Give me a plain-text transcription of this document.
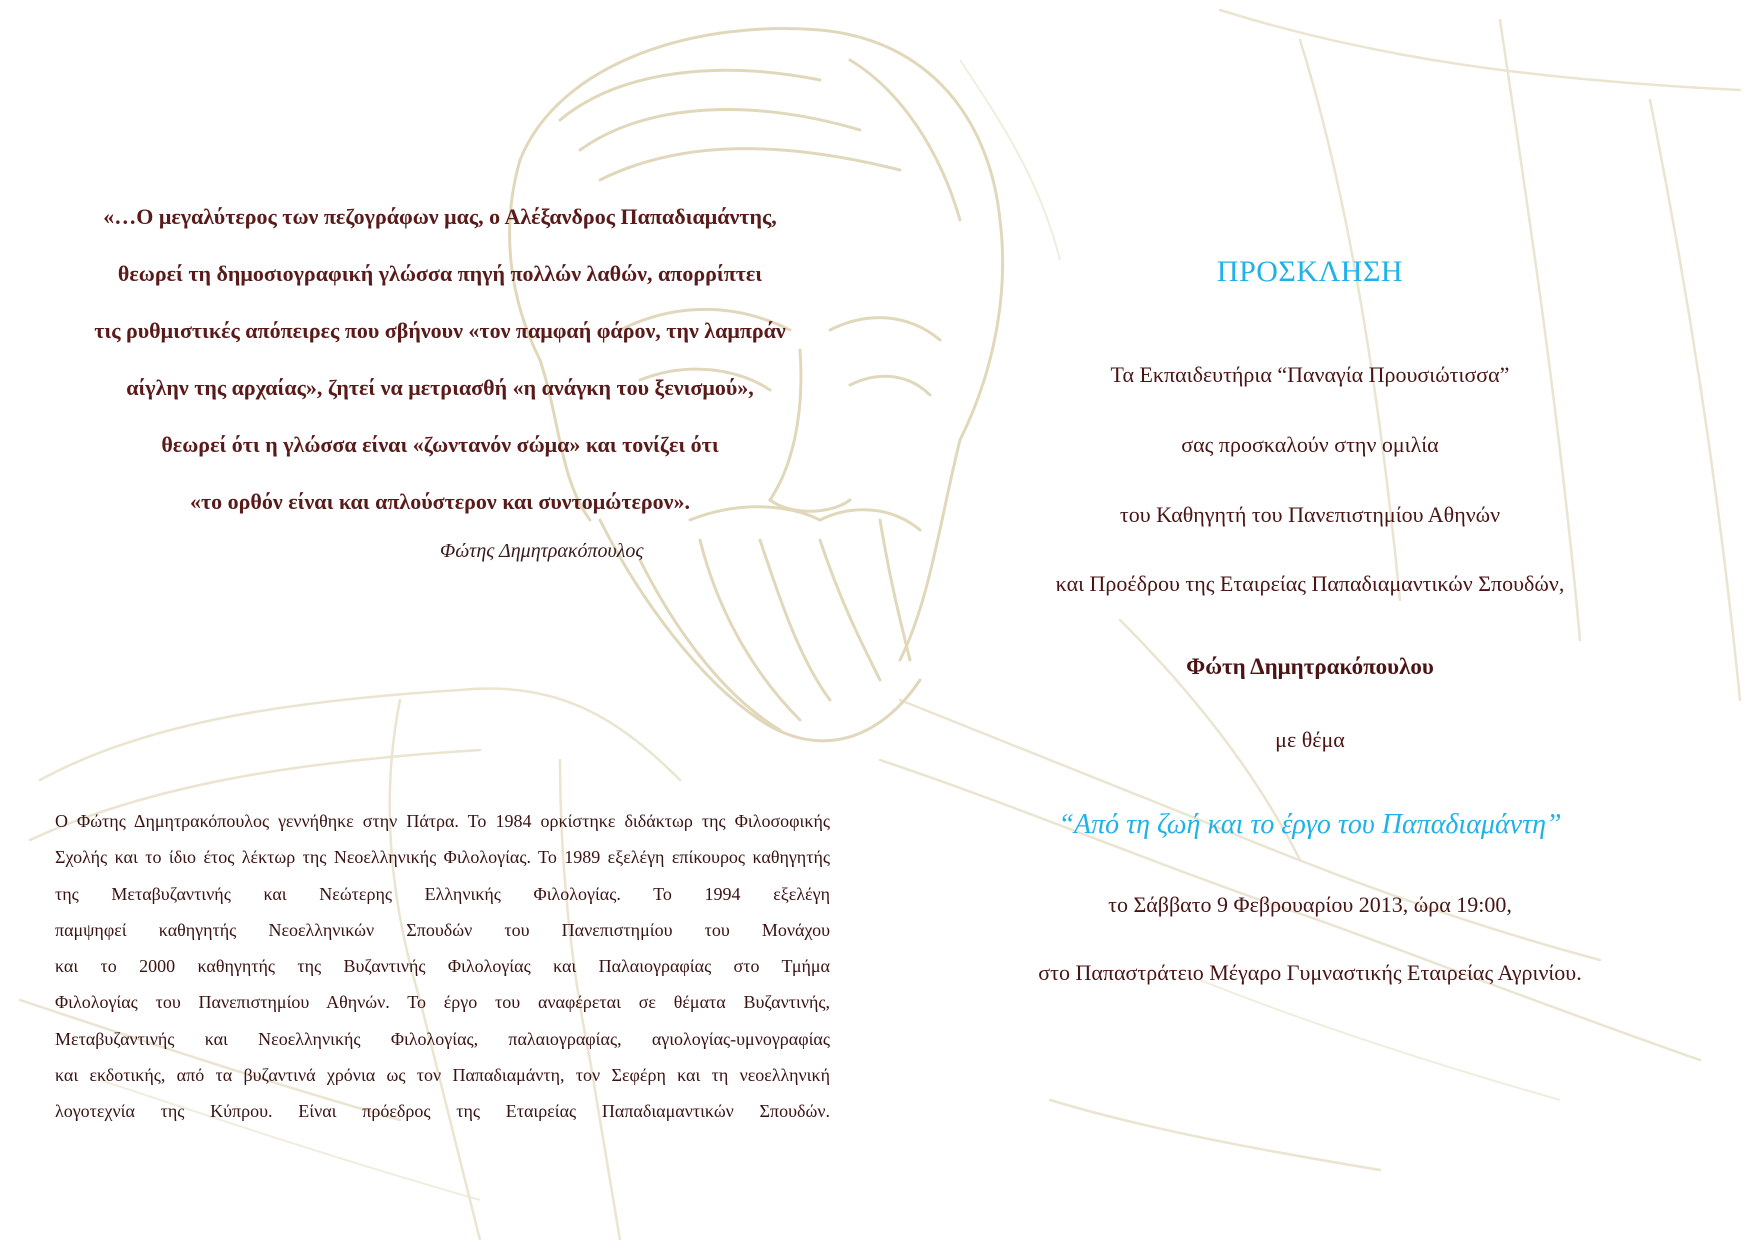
«…Ο μεγαλύτερος των πεζογράφων μας, ο Αλέξανδρος Παπαδιαμάντης,
θεωρεί τη δημοσιογραφική γλώσσα πηγή πολλών λαθών, απορρίπτει
τις ρυθμιστικές απόπειρες που σβήνουν «τον παμφαή φάρον, την λαμπράν
αίγλην της αρχαίας», ζητεί να μετριασθή «η ανάγκη του ξενισμού»,
θεωρεί ότι η γλώσσα είναι «ζωντανόν σώμα» και τονίζει ότι
«το ορθόν είναι και απλούστερον και συντομώτερον».
Φώτης Δημητρακόπουλος
Ο Φώτης Δημητρακόπουλος γεννήθηκε στην Πάτρα. Το 1984 ορκίστηκε διδάκτωρ της Φιλοσοφικής
Σχολής και το ίδιο έτος λέκτωρ της Νεοελληνικής Φιλολογίας. Το 1989 εξελέγη επίκουρος καθηγητής
της Μεταβυζαντινής και Νεώτερης Ελληνικής Φιλολογίας. Το 1994 εξελέγη
παμψηφεί καθηγητής Νεοελληνικών Σπουδών του Πανεπιστημίου του Μονάχου
και το 2000 καθηγητής της Βυζαντινής Φιλολογίας και Παλαιογραφίας στο Τμήμα
Φιλολογίας του Πανεπιστημίου Αθηνών. Το έργο του αναφέρεται σε θέματα Βυζαντινής,
Μεταβυζαντινής και Νεοελληνικής Φιλολογίας, παλαιογραφίας, αγιολογίας-υμνογραφίας
και εκδοτικής, από τα βυζαντινά χρόνια ως τον Παπαδιαμάντη, τον Σεφέρη και τη νεοελληνική
λογοτεχνία της Κύπρου. Είναι πρόεδρος της Εταιρείας Παπαδιαμαντικών Σπουδών.
ΠΡΟΣΚΛΗΣΗ
Τα Εκπαιδευτήρια “Παναγία Προυσιώτισσα”
σας προσκαλούν στην ομιλία
του Καθηγητή του Πανεπιστημίου Αθηνών
και Προέδρου της Εταιρείας Παπαδιαμαντικών Σπουδών,
Φώτη Δημητρακόπουλου
με θέμα
“Από τη ζωή και το έργο του Παπαδιαμάντη”
το Σάββατο 9 Φεβρουαρίου 2013, ώρα 19:00,
στο Παπαστράτειο Μέγαρο Γυμναστικής Εταιρείας Αγρινίου.
